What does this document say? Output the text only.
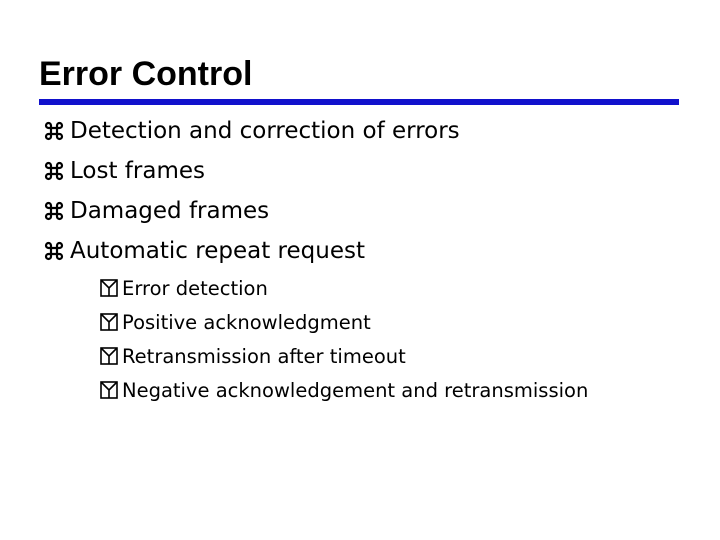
Error Control
Detection and correction of errors
Lost frames
Damaged frames
Automatic repeat request
Error detection
Positive acknowledgment
Retransmission after timeout
Negative acknowledgement and retransmission
